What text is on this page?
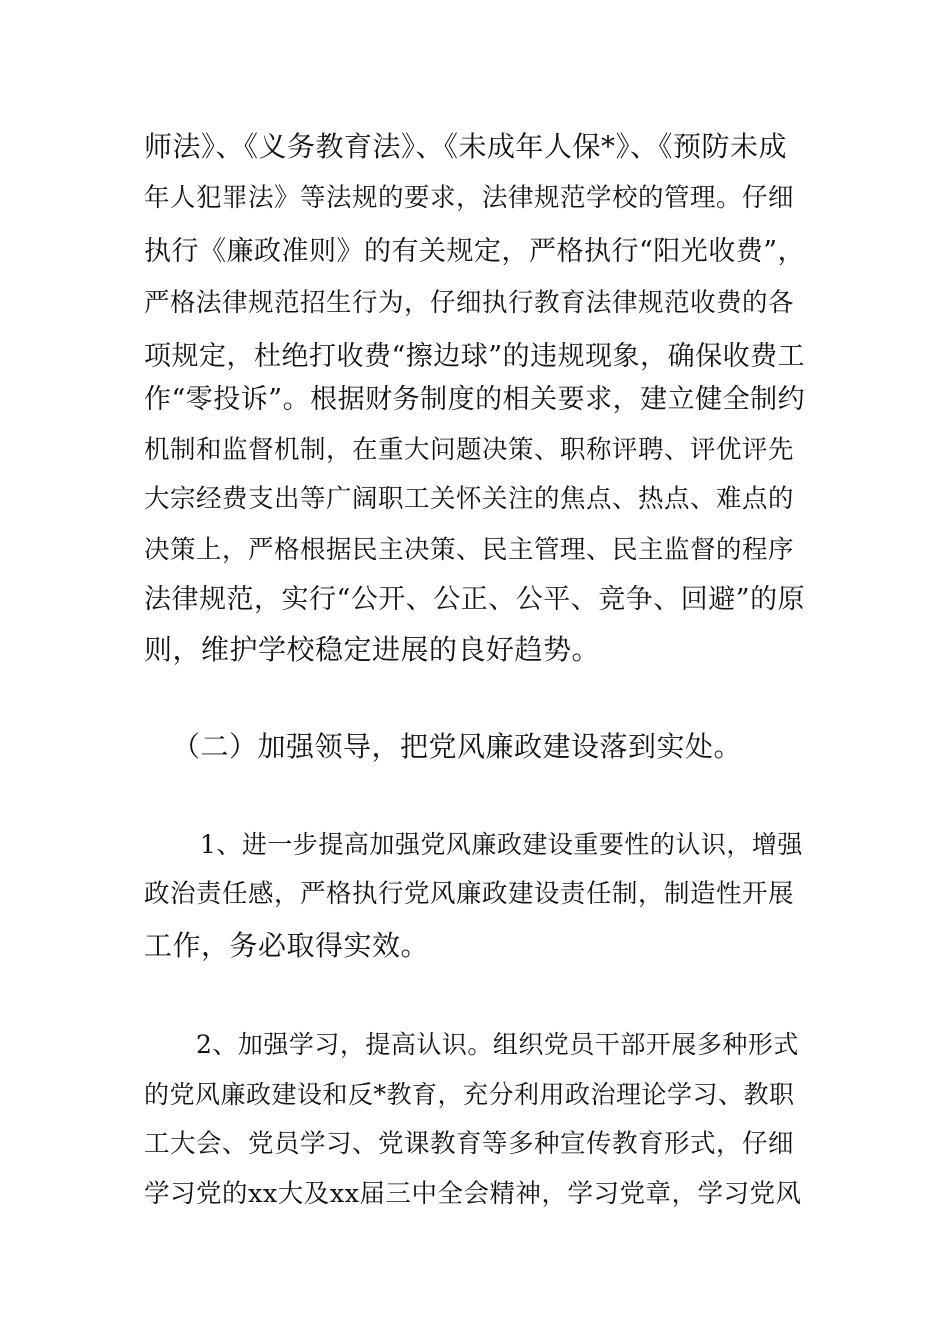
师法》、《义务教育法》、《未成年人保*》、《预防未成
年人犯罪法》等法规的要求，法律规范学校的管理。仔细
执行《廉政准则》的有关规定，严格执行“阳光收费”，
严格法律规范招生行为，仔细执行教育法律规范收费的各
项规定，杜绝打收费“擦边球”的违规现象，确保收费工
作“零投诉”。根据财务制度的相关要求，建立健全制约
机制和监督机制，在重大问题决策、职称评聘、评优评先
大宗经费支出等广阔职工关怀关注的焦点、热点、难点的
决策上，严格根据民主决策、民主管理、民主监督的程序
法律规范，实行“公开、公正、公平、竞争、回避”的原
则，维护学校稳定进展的良好趋势。
（二）加强领导，把党风廉政建设落到实处。
1、进一步提高加强党风廉政建设重要性的认识，增强
政治责任感，严格执行党风廉政建设责任制，制造性开展
工作，务必取得实效。
2、加强学习，提高认识。组织党员干部开展多种形式
的党风廉政建设和反*教育，充分利用政治理论学习、教职
工大会、党员学习、党课教育等多种宣传教育形式，仔细
学习党的xx大及xx届三中全会精神，学习党章，学习党风
